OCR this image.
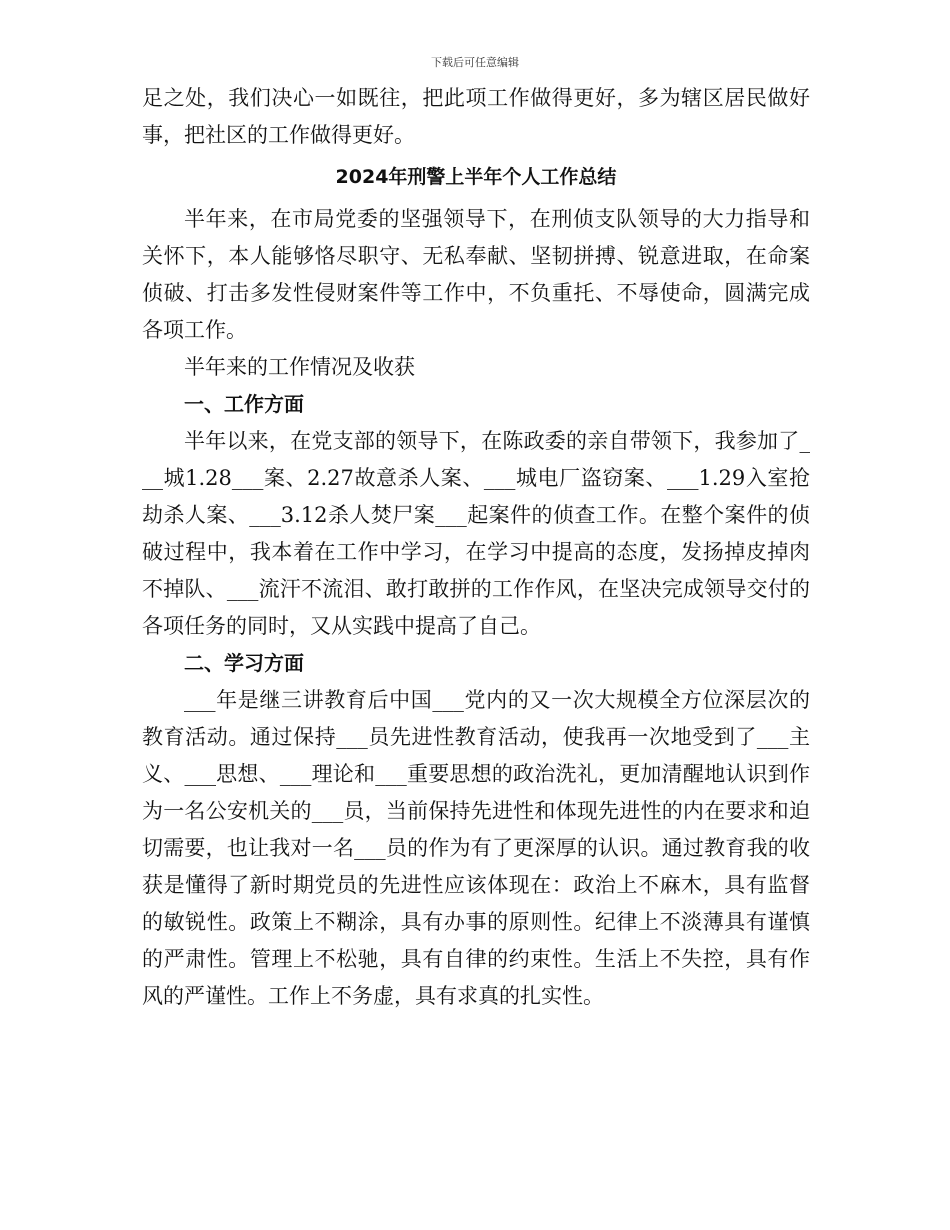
下载后可任意编辑

足之处，我们决心一如既往，把此项工作做得更好，多为辖区居民做好事，把社区的工作做得更好。

2024年刑警上半年个人工作总结

半年来，在市局党委的坚强领导下，在刑侦支队领导的大力指导和关怀下，本人能够恪尽职守、无私奉献、坚韧拼搏、锐意进取，在命案侦破、打击多发性侵财案件等工作中，不负重托、不辱使命，圆满完成各项工作。

半年来的工作情况及收获

一、工作方面

半年以来，在党支部的领导下，在陈政委的亲自带领下，我参加了___城1.28___案、2.27故意杀人案、___城电厂盗窃案、___1.29入室抢劫杀人案、___3.12杀人焚尸案___起案件的侦查工作。在整个案件的侦破过程中，我本着在工作中学习，在学习中提高的态度，发扬掉皮掉肉不掉队、___流汗不流泪、敢打敢拼的工作作风，在坚决完成领导交付的各项任务的同时，又从实践中提高了自己。

二、学习方面

___年是继三讲教育后中国___党内的又一次大规模全方位深层次的教育活动。通过保持___员先进性教育活动，使我再一次地受到了___主义、___思想、___理论和___重要思想的政治洗礼，更加清醒地认识到作为一名公安机关的___员，当前保持先进性和体现先进性的内在要求和迫切需要，也让我对一名___员的作为有了更深厚的认识。通过教育我的收获是懂得了新时期党员的先进性应该体现在：政治上不麻木，具有监督的敏锐性。政策上不糊涂，具有办事的原则性。纪律上不淡薄具有谨慎的严肃性。管理上不松驰，具有自律的约束性。生活上不失控，具有作风的严谨性。工作上不务虚，具有求真的扎实性。
